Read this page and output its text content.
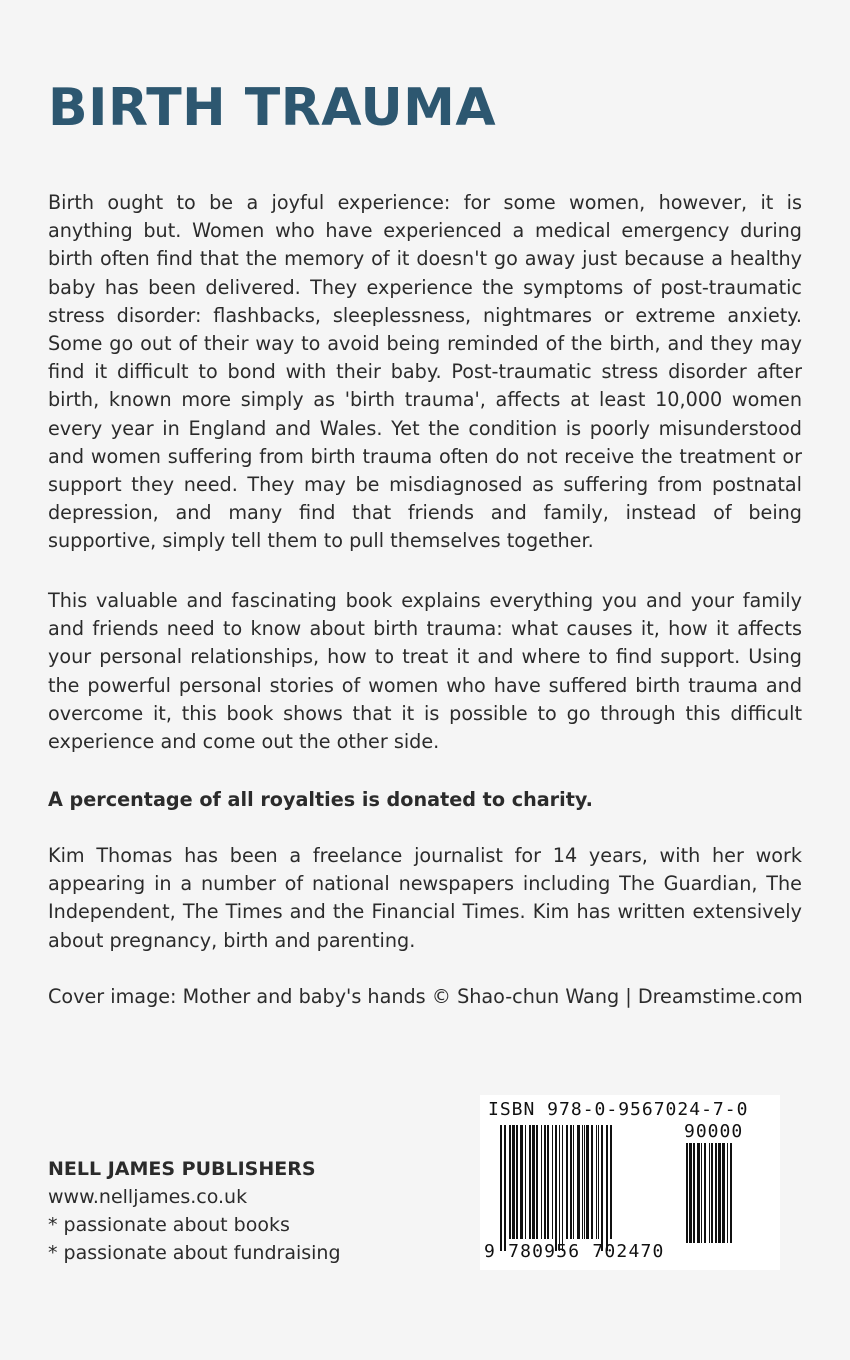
BIRTH TRAUMA

Birth ought to be a joyful experience: for some women, however, it is anything but. Women who have experienced a medical emergency during birth often find that the memory of it doesn't go away just because a healthy baby has been delivered. They experience the symptoms of post-traumatic stress disorder: flashbacks, sleeplessness, nightmares or extreme anxiety. Some go out of their way to avoid being reminded of the birth, and they may find it difficult to bond with their baby. Post-traumatic stress disorder after birth, known more simply as 'birth trauma', affects at least 10,000 women every year in England and Wales. Yet the condition is poorly misunderstood and women suffering from birth trauma often do not receive the treatment or support they need. They may be misdiagnosed as suffering from postnatal depression, and many find that friends and family, instead of being supportive, simply tell them to pull themselves together.

This valuable and fascinating book explains everything you and your family and friends need to know about birth trauma: what causes it, how it affects your personal relationships, how to treat it and where to find support. Using the powerful personal stories of women who have suffered birth trauma and overcome it, this book shows that it is possible to go through this difficult experience and come out the other side.

A percentage of all royalties is donated to charity.

Kim Thomas has been a freelance journalist for 14 years, with her work appearing in a number of national newspapers including The Guardian, The Independent, The Times and the Financial Times. Kim has written extensively about pregnancy, birth and parenting.

Cover image: Mother and baby's hands © Shao-chun Wang | Dreamstime.com

NELL JAMES PUBLISHERS
www.nelljames.co.uk
* passionate about books
* passionate about fundraising
ISBN 978-0-9567024-7-0
90000
9 780956 702470
